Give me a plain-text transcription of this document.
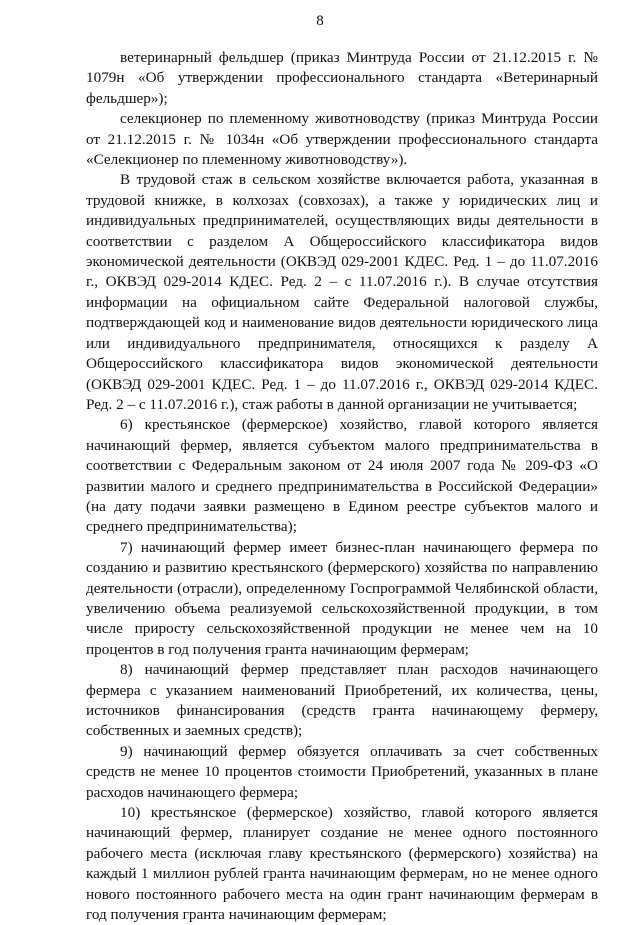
8

ветеринарный фельдшер (приказ Минтруда России от 21.12.2015 г. № 1079н «Об утверждении профессионального стандарта «Ветеринарный фельдшер»);

селекционер по племенному животноводству (приказ Минтруда России от 21.12.2015 г. № 1034н «Об утверждении профессионального стандарта «Селекционер по племенному животноводству»).

В трудовой стаж в сельском хозяйстве включается работа, указанная в трудовой книжке, в колхозах (совхозах), а также у юридических лиц и индивидуальных предпринимателей, осуществляющих виды деятельности в соответствии с разделом А Общероссийского классификатора видов экономической деятельности (ОКВЭД 029-2001 КДЕС. Ред. 1 – до 11.07.2016 г., ОКВЭД 029-2014 КДЕС. Ред. 2 – с 11.07.2016 г.). В случае отсутствия информации на официальном сайте Федеральной налоговой службы, подтверждающей код и наименование видов деятельности юридического лица или индивидуального предпринимателя, относящихся к разделу А Общероссийского классификатора видов экономической деятельности (ОКВЭД 029-2001 КДЕС. Ред. 1 – до 11.07.2016 г., ОКВЭД 029-2014 КДЕС. Ред. 2 – с 11.07.2016 г.), стаж работы в данной организации не учитывается;

6) крестьянское (фермерское) хозяйство, главой которого является начинающий фермер, является субъектом малого предпринимательства в соответствии с Федеральным законом от 24 июля 2007 года № 209-ФЗ «О развитии малого и среднего предпринимательства в Российской Федерации» (на дату подачи заявки размещено в Едином реестре субъектов малого и среднего предпринимательства);

7) начинающий фермер имеет бизнес-план начинающего фермера по созданию и развитию крестьянского (фермерского) хозяйства по направлению деятельности (отрасли), определенному Госпрограммой Челябинской области, увеличению объема реализуемой сельскохозяйственной продукции, в том числе приросту сельскохозяйственной продукции не менее чем на 10 процентов в год получения гранта начинающим фермерам;

8) начинающий фермер представляет план расходов начинающего фермера с указанием наименований Приобретений, их количества, цены, источников финансирования (средств гранта начинающему фермеру, собственных и заемных средств);

9) начинающий фермер обязуется оплачивать за счет собственных средств не менее 10 процентов стоимости Приобретений, указанных в плане расходов начинающего фермера;

10) крестьянское (фермерское) хозяйство, главой которого является начинающий фермер, планирует создание не менее одного постоянного рабочего места (исключая главу крестьянского (фермерского) хозяйства) на каждый 1 миллион рублей гранта начинающим фермерам, но не менее одного нового постоянного рабочего места на один грант начинающим фермерам в год получения гранта начинающим фермерам;
